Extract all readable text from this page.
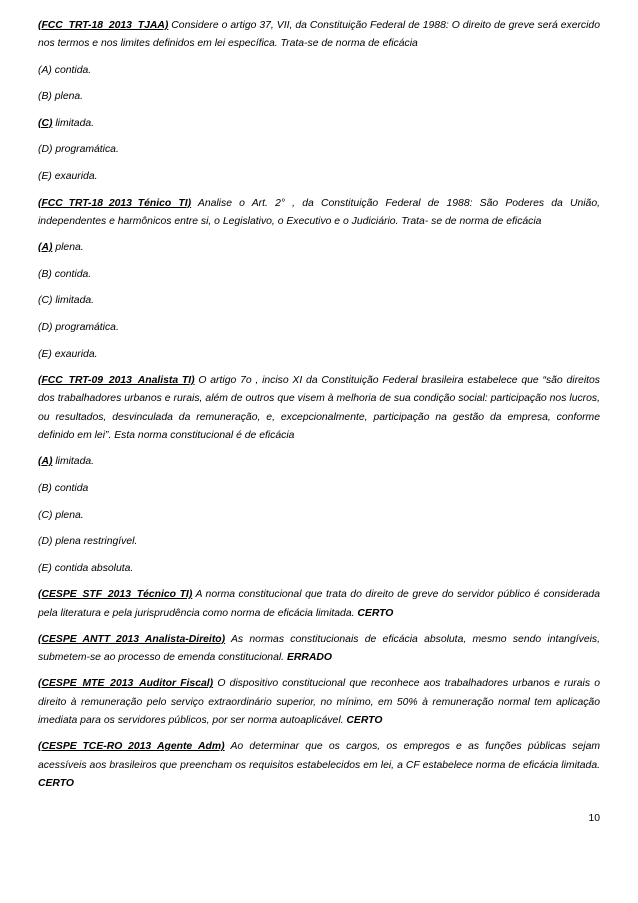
(FCC_TRT-18_2013_TJAA) Considere o artigo 37, VII, da Constituição Federal de 1988: O direito de greve será exercido nos termos e nos limites definidos em lei específica. Trata-se de norma de eficácia

(A) contida.

(B) plena.

(C) limitada.

(D) programática.

(E) exaurida.

(FCC_TRT-18_2013_Ténico TI) Analise o Art. 2° , da Constituição Federal de 1988: São Poderes da União, independentes e harmônicos entre si, o Legislativo, o Executivo e o Judiciário. Trata- se de norma de eficácia

(A) plena.

(B) contida.

(C) limitada.

(D) programática.

(E) exaurida.

(FCC_TRT-09_2013_Analista TI) O artigo 7o , inciso XI da Constituição Federal brasileira estabelece que “são direitos dos trabalhadores urbanos e rurais, além de outros que visem à melhoria de sua condição social: participação nos lucros, ou resultados, desvinculada da remuneração, e, excepcionalmente, participação na gestão da empresa, conforme definido em lei”. Esta norma constitucional é de eficácia

(A) limitada.

(B) contida

(C) plena.

(D) plena restringível.

(E) contida absoluta.

(CESPE_STF_2013_Técnico TI) A norma constitucional que trata do direito de greve do servidor público é considerada pela literatura e pela jurisprudência como norma de eficácia limitada. CERTO

(CESPE_ANTT_2013_Analista-Direito) As normas constitucionais de eficácia absoluta, mesmo sendo intangíveis, submetem-se ao processo de emenda constitucional. ERRADO

(CESPE_MTE_2013_Auditor Fiscal) O dispositivo constitucional que reconhece aos trabalhadores urbanos e rurais o direito à remuneração pelo serviço extraordinário superior, no mínimo, em 50% à remuneração normal tem aplicação imediata para os servidores públicos, por ser norma autoaplicável. CERTO

(CESPE_TCE-RO_2013_Agente Adm) Ao determinar que os cargos, os empregos e as funções públicas sejam acessíveis aos brasileiros que preencham os requisitos estabelecidos em lei, a CF estabelece norma de eficácia limitada. CERTO

10
